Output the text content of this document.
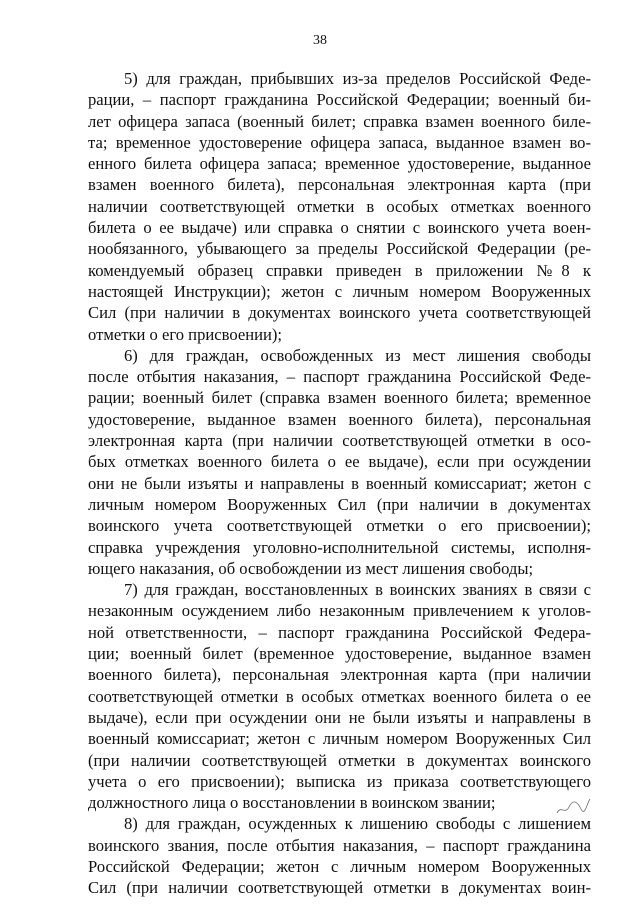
38
5) для граждан, прибывших из-за пределов Российской Феде-
рации, – паспорт гражданина Российской Федерации; военный би-
лет офицера запаса (военный билет; справка взамен военного биле-
та; временное удостоверение офицера запаса, выданное взамен во-
енного билета офицера запаса; временное удостоверение, выданное
взамен военного билета), персональная электронная карта (при
наличии соответствующей отметки в особых отметках военного
билета о ее выдаче) или справка о снятии с воинского учета воен-
нообязанного, убывающего за пределы Российской Федерации (ре-
комендуемый образец справки приведен в приложении №8 к
настоящей Инструкции); жетон с личным номером Вооруженных
Сил (при наличии в документах воинского учета соответствующей
отметки о его присвоении);
6) для граждан, освобожденных из мест лишения свободы
после отбытия наказания, – паспорт гражданина Российской Феде-
рации; военный билет (справка взамен военного билета; временное
удостоверение, выданное взамен военного билета), персональная
электронная карта (при наличии соответствующей отметки в осо-
бых отметках военного билета о ее выдаче), если при осуждении
они не были изъяты и направлены в военный комиссариат; жетон с
личным номером Вооруженных Сил (при наличии в документах
воинского учета соответствующей отметки о его присвоении);
справка учреждения уголовно-исполнительной системы, исполня-
ющего наказания, об освобождении из мест лишения свободы;
7) для граждан, восстановленных в воинских званиях в связи с
незаконным осуждением либо незаконным привлечением к уголов-
ной ответственности, – паспорт гражданина Российской Федера-
ции; военный билет (временное удостоверение, выданное взамен
военного билета), персональная электронная карта (при наличии
соответствующей отметки в особых отметках военного билета о ее
выдаче), если при осуждении они не были изъяты и направлены в
военный комиссариат; жетон с личным номером Вооруженных Сил
(при наличии соответствующей отметки в документах воинского
учета о его присвоении); выписка из приказа соответствующего
должностного лица о восстановлении в воинском звании;
8) для граждан, осужденных к лишению свободы с лишением
воинского звания, после отбытия наказания, – паспорт гражданина
Российской Федерации; жетон с личным номером Вооруженных
Сил (при наличии соответствующей отметки в документах воин-
